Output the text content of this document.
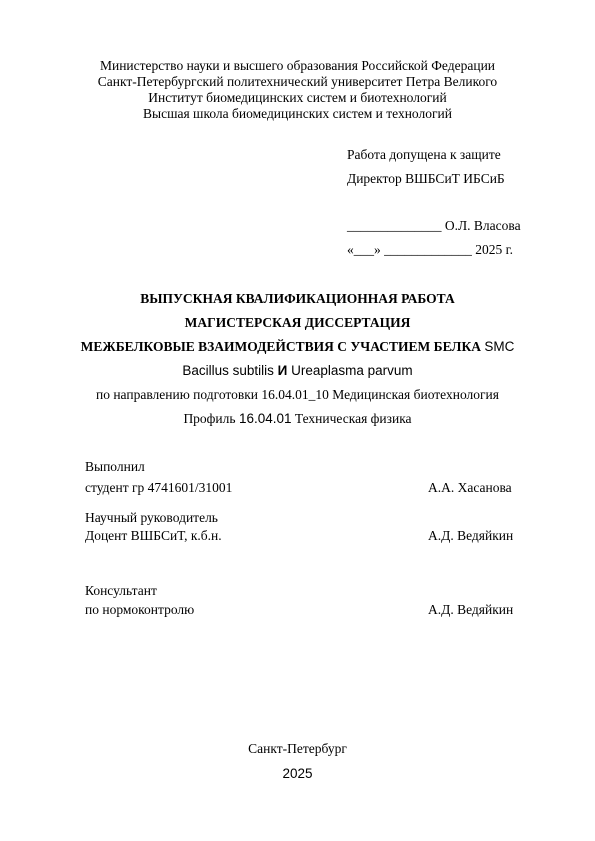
Министерство науки и высшего образования Российской Федерации
Санкт-Петербургский политехнический университет Петра Великого
Институт биомедицинских систем и биотехнологий
Высшая школа биомедицинских систем и технологий
Работа допущена к защите
Директор ВШБСиТ ИБСиБ
______________ О.Л. Власова
«___» _____________ 2025 г.
ВЫПУСКНАЯ КВАЛИФИКАЦИОННАЯ РАБОТА
МАГИСТЕРСКАЯ ДИССЕРТАЦИЯ
МЕЖБЕЛКОВЫЕ ВЗАИМОДЕЙСТВИЯ С УЧАСТИЕМ БЕЛКА SMC
Bacillus subtilis И Ureaplasma parvum
по направлению подготовки 16.04.01_10 Медицинская биотехнология
Профиль 16.04.01 Техническая физика
Выполнил
студент гр 4741601/31001	А.А. Хасанова
Научный руководитель
Доцент ВШБСиТ, к.б.н.	А.Д. Ведяйкин
Консультант
по нормоконтролю	А.Д. Ведяйкин
Санкт-Петербург
2025
